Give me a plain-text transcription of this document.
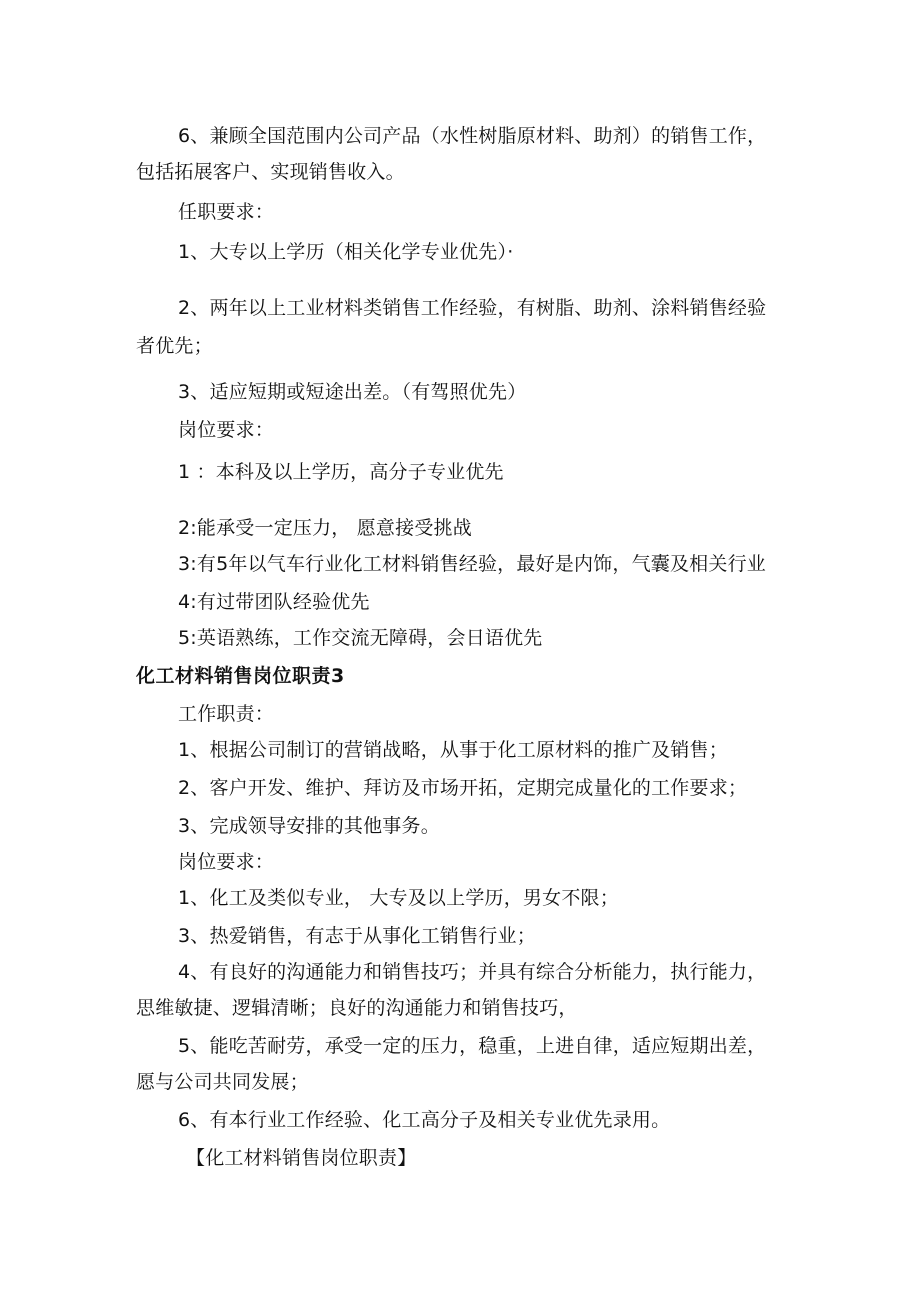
6、兼顾全国范围内公司产品（水性树脂原材料、助剂）的销售工作，
包括拓展客户、实现销售收入。
任职要求：
1、大专以上学历（相关化学专业优先）·
2、两年以上工业材料类销售工作经验，有树脂、助剂、涂料销售经验
者优先；
3、适应短期或短途出差。（有驾照优先）
岗位要求：
1 ：本科及以上学历，高分子专业优先
2:能承受一定压力， 愿意接受挑战
3:有5年以气车行业化工材料销售经验，最好是内饰，气囊及相关行业
4:有过带团队经验优先
5:英语熟练，工作交流无障碍，会日语优先
化工材料销售岗位职责3
工作职责：
1、根据公司制订的营销战略，从事于化工原材料的推广及销售；
2、客户开发、维护、拜访及市场开拓，定期完成量化的工作要求；
3、完成领导安排的其他事务。
岗位要求：
1、化工及类似专业， 大专及以上学历，男女不限；
3、热爱销售，有志于从事化工销售行业；
4、有良好的沟通能力和销售技巧；并具有综合分析能力，执行能力，
思维敏捷、逻辑清晰；良好的沟通能力和销售技巧，
5、能吃苦耐劳，承受一定的压力，稳重，上进自律，适应短期出差，
愿与公司共同发展；
6、有本行业工作经验、化工高分子及相关专业优先录用。
【化工材料销售岗位职责】
